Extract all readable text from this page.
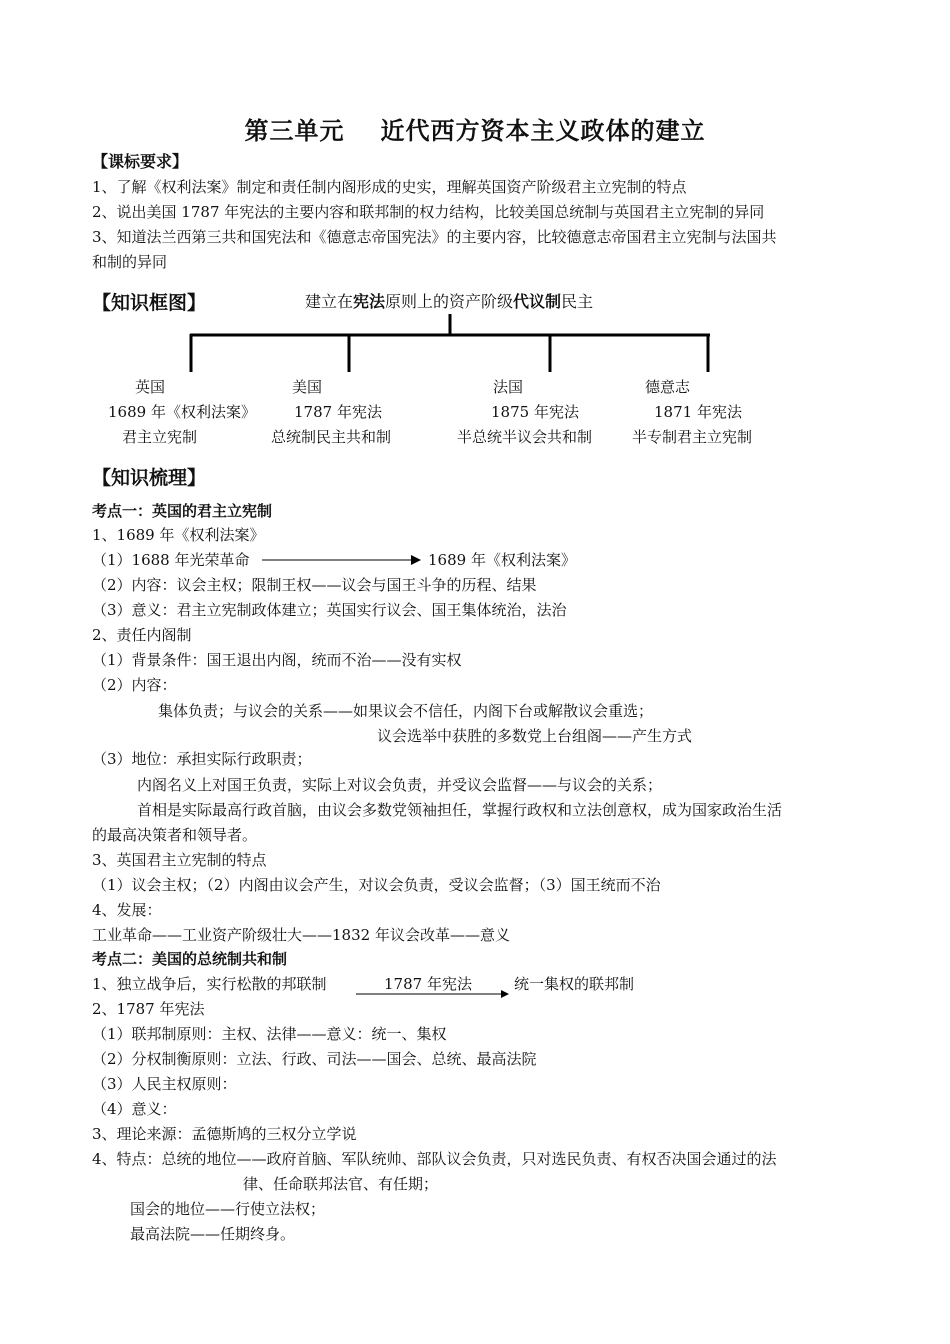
第三单元 近代西方资本主义政体的建立
【课标要求】
1、了解《权利法案》制定和责任制内阁形成的史实，理解英国资产阶级君主立宪制的特点
2、说出美国 1787 年宪法的主要内容和联邦制的权力结构，比较美国总统制与英国君主立宪制的异同
3、知道法兰西第三共和国宪法和《德意志帝国宪法》的主要内容，比较德意志帝国君主立宪制与法国共
和制的异同
【知识框图】	建立在宪法原则上的资产阶级代议制民主
英国
1689 年《权利法案》
君主立宪制
美国
1787 年宪法
总统制民主共和制
法国
1875 年宪法
半总统半议会共和制
德意志
1871 年宪法
半专制君主立宪制
【知识梳理】
考点一：英国的君主立宪制
1、1689 年《权利法案》
（1）1688 年光荣革命	1689 年《权利法案》
（2）内容：议会主权；限制王权——议会与国王斗争的历程、结果
（3）意义：君主立宪制政体建立；英国实行议会、国王集体统治，法治
2、责任内阁制
（1）背景条件：国王退出内阁，统而不治——没有实权
（2）内容：
集体负责；与议会的关系——如果议会不信任，内阁下台或解散议会重选；
议会选举中获胜的多数党上台组阁——产生方式
（3）地位：承担实际行政职责；
内阁名义上对国王负责，实际上对议会负责，并受议会监督——与议会的关系；
首相是实际最高行政首脑，由议会多数党领袖担任，掌握行政权和立法创意权，成为国家政治生活
的最高决策者和领导者。
3、英国君主立宪制的特点
（1）议会主权；（2）内阁由议会产生，对议会负责，受议会监督；（3）国王统而不治
4、发展：
工业革命——工业资产阶级壮大——1832 年议会改革——意义
考点二：美国的总统制共和制
1、独立战争后，实行松散的邦联制	1787 年宪法	统一集权的联邦制
2、1787 年宪法
（1）联邦制原则：主权、法律——意义：统一、集权
（2）分权制衡原则：立法、行政、司法——国会、总统、最高法院
（3）人民主权原则：
（4）意义：
3、理论来源：孟德斯鸠的三权分立学说
4、特点：总统的地位——政府首脑、军队统帅、部队议会负责，只对选民负责、有权否决国会通过的法
律、任命联邦法官、有任期；
国会的地位——行使立法权；
最高法院——任期终身。
